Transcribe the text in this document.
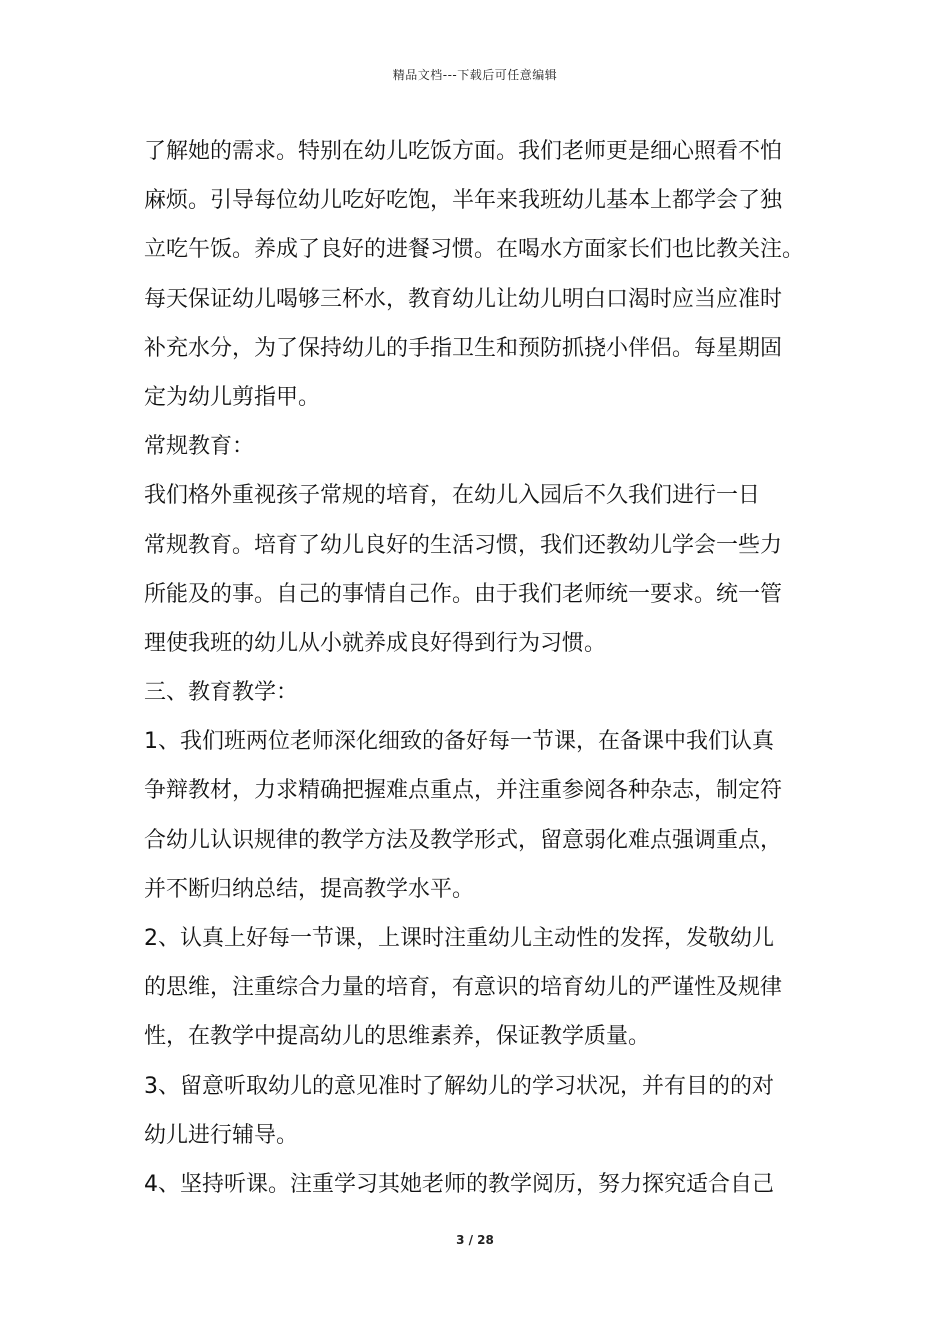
精品文档---下载后可任意编辑
了解她的需求。特别在幼儿吃饭方面。我们老师更是细心照看不怕
麻烦。引导每位幼儿吃好吃饱，半年来我班幼儿基本上都学会了独
立吃午饭。养成了良好的进餐习惯。在喝水方面家长们也比教关注。
每天保证幼儿喝够三杯水，教育幼儿让幼儿明白口渴时应当应准时
补充水分，为了保持幼儿的手指卫生和预防抓挠小伴侣。每星期固
定为幼儿剪指甲。
常规教育：
我们格外重视孩子常规的培育，在幼儿入园后不久我们进行一日
常规教育。培育了幼儿良好的生活习惯，我们还教幼儿学会一些力
所能及的事。自己的事情自己作。由于我们老师统一要求。统一管
理使我班的幼儿从小就养成良好得到行为习惯。
三、教育教学：
1、我们班两位老师深化细致的备好每一节课，在备课中我们认真
争辩教材，力求精确把握难点重点，并注重参阅各种杂志，制定符
合幼儿认识规律的教学方法及教学形式，留意弱化难点强调重点，
并不断归纳总结，提高教学水平。
2、认真上好每一节课，上课时注重幼儿主动性的发挥，发敬幼儿
的思维，注重综合力量的培育，有意识的培育幼儿的严谨性及规律
性，在教学中提高幼儿的思维素养，保证教学质量。
3、留意听取幼儿的意见准时了解幼儿的学习状况，并有目的的对
幼儿进行辅导。
4、坚持听课。注重学习其她老师的教学阅历，努力探究适合自己
3 / 28
